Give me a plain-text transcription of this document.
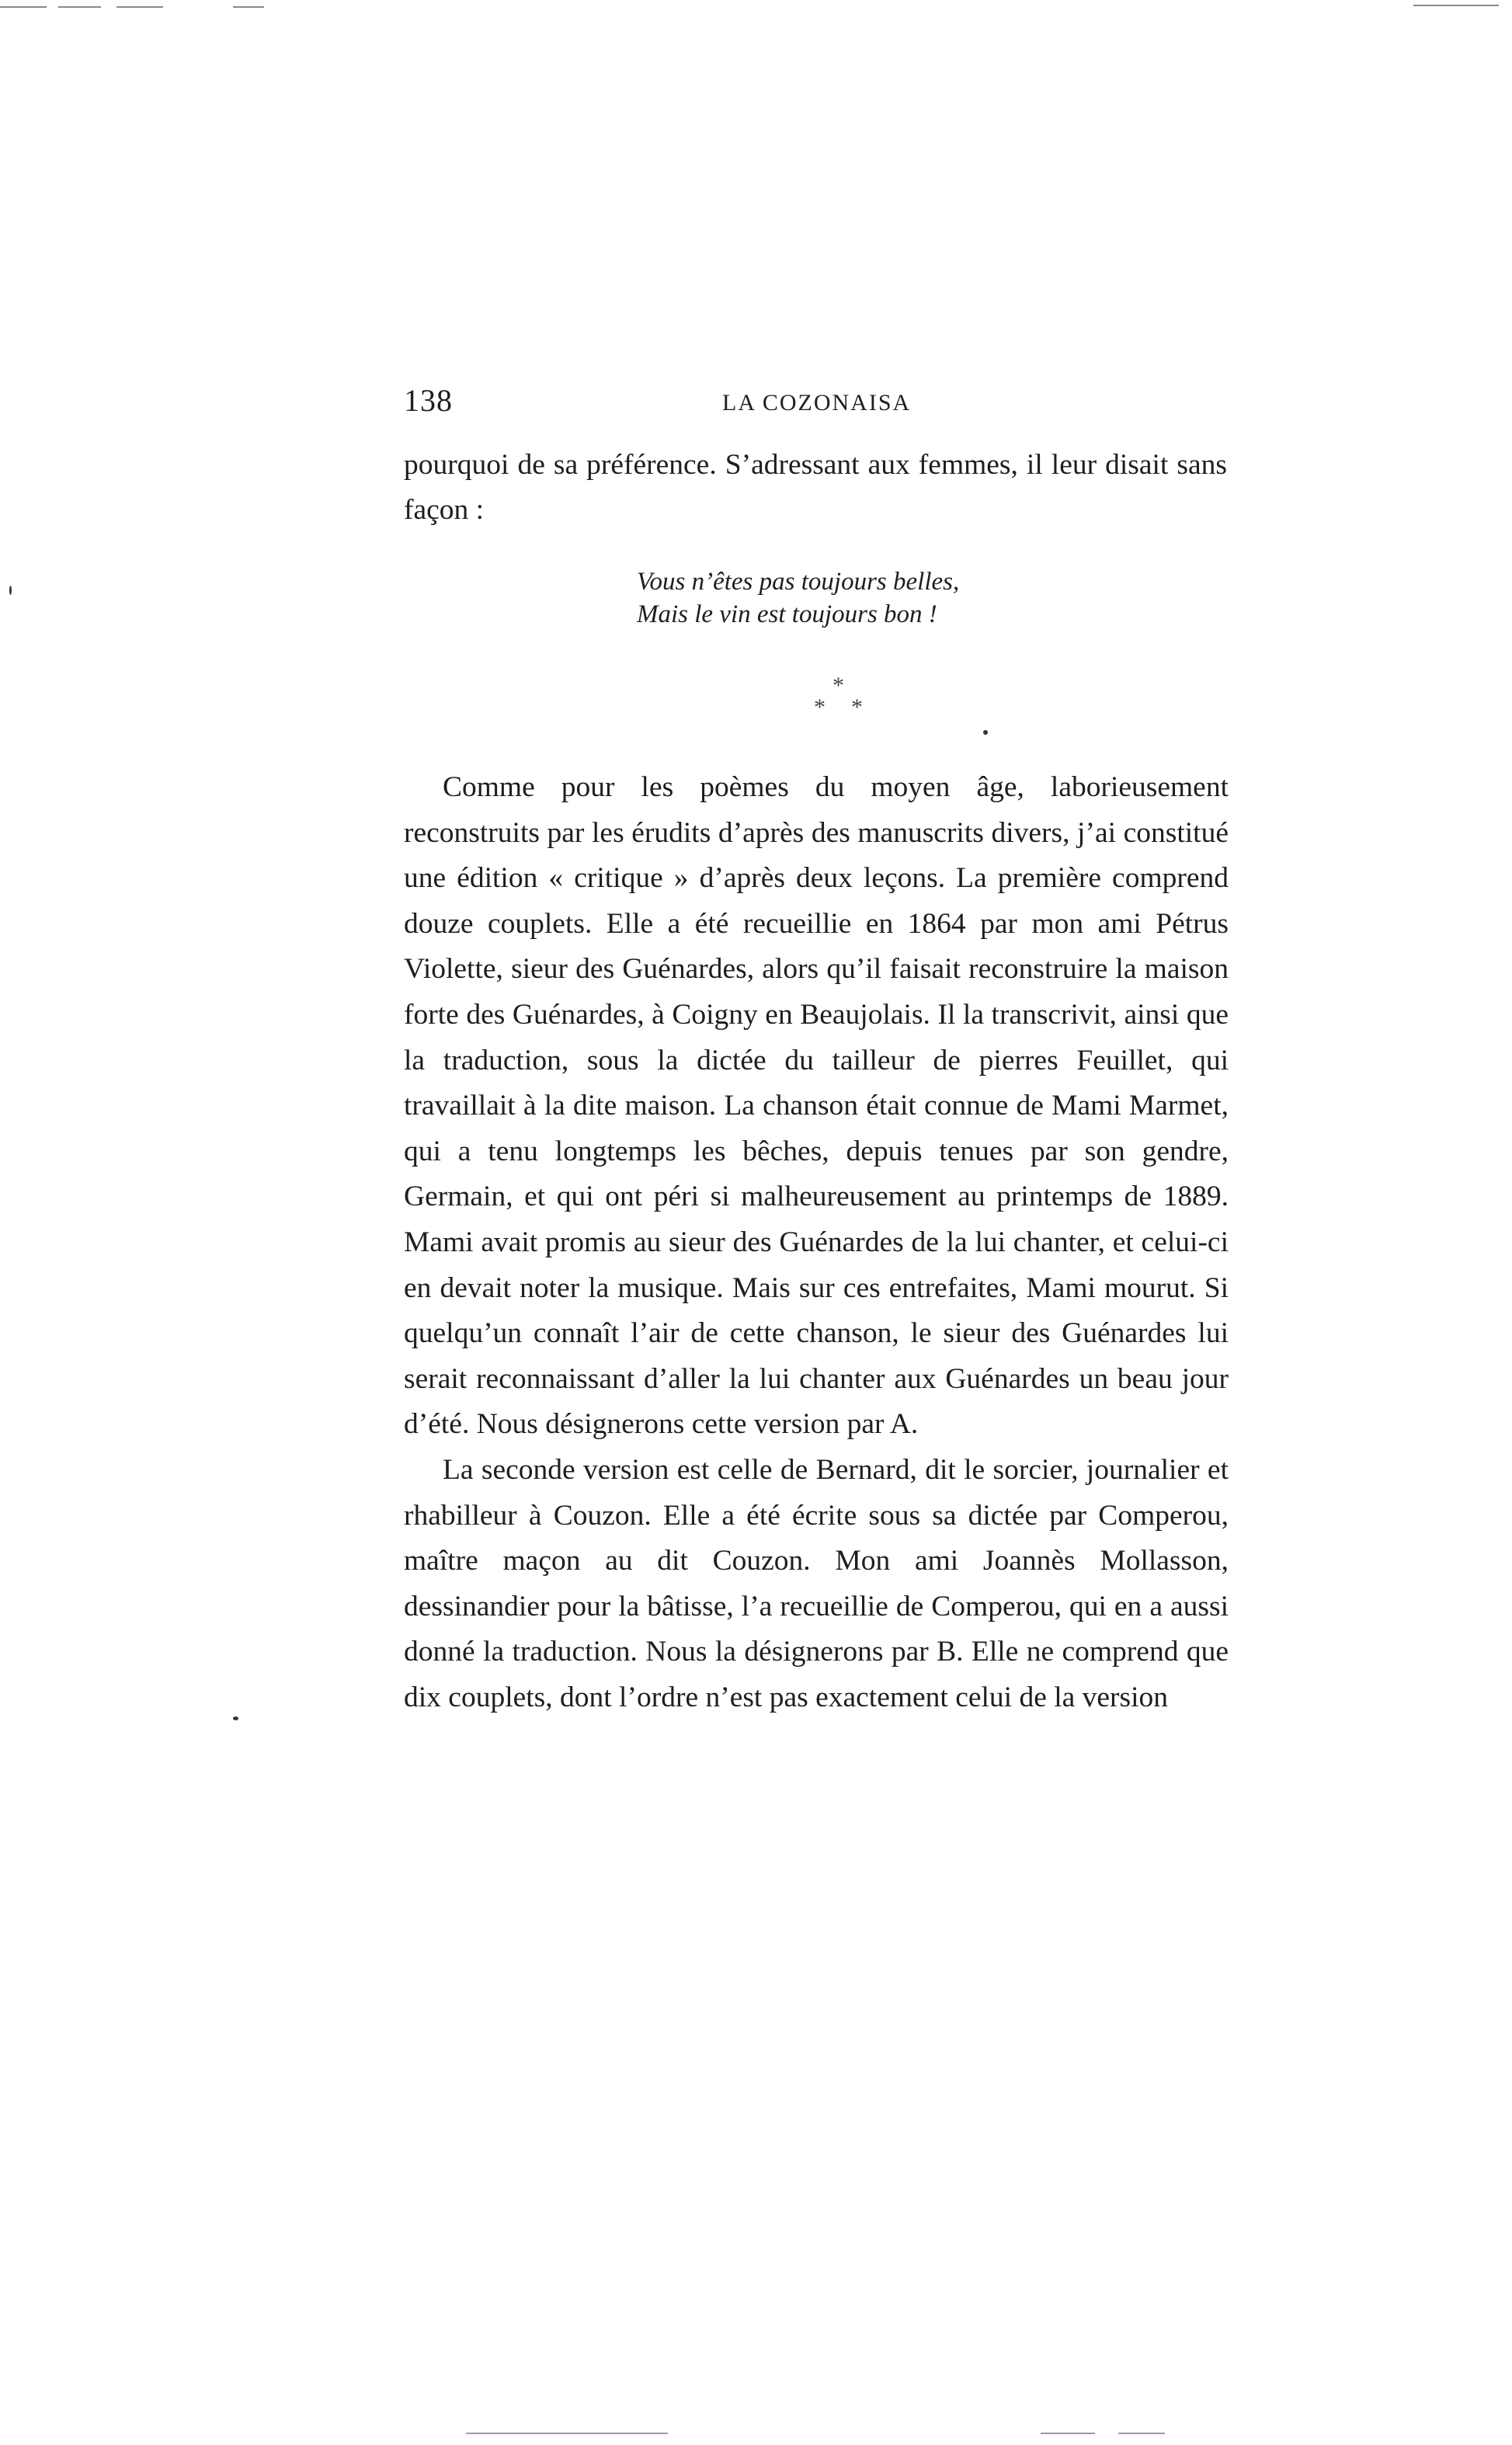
138	LA COZONAISA

pourquoi de sa préférence. S’adressant aux femmes, il leur disait sans façon :

Vous n’êtes pas toujours belles,
Mais le vin est toujours bon !
*
* *

Comme pour les poèmes du moyen âge, laborieusement reconstruits par les érudits d’après des manuscrits divers, j’ai constitué une édition « critique » d’après deux leçons. La première comprend douze couplets. Elle a été recueillie en 1864 par mon ami Pétrus Violette, sieur des Guénardes, alors qu’il faisait reconstruire la maison forte des Guénardes, à Coigny en Beaujolais. Il la transcrivit, ainsi que la traduction, sous la dictée du tailleur de pierres Feuillet, qui travaillait à la dite maison. La chanson était connue de Mami Marmet, qui a tenu longtemps les bêches, depuis tenues par son gendre, Germain, et qui ont péri si malheureusement au printemps de 1889. Mami avait promis au sieur des Guénardes de la lui chanter, et celui-ci en devait noter la musique. Mais sur ces entrefaites, Mami mourut. Si quelqu’un connaît l’air de cette chanson, le sieur des Guénardes lui serait reconnaissant d’aller la lui chanter aux Guénardes un beau jour d’été. Nous désignerons cette version par A.

La seconde version est celle de Bernard, dit le sorcier, journalier et rhabilleur à Couzon. Elle a été écrite sous sa dictée par Comperou, maître maçon au dit Couzon. Mon ami Joannès Mollasson, dessinandier pour la bâtisse, l’a recueillie de Comperou, qui en a aussi donné la traduction. Nous la désignerons par B. Elle ne comprend que dix couplets, dont l’ordre n’est pas exactement celui de la version
